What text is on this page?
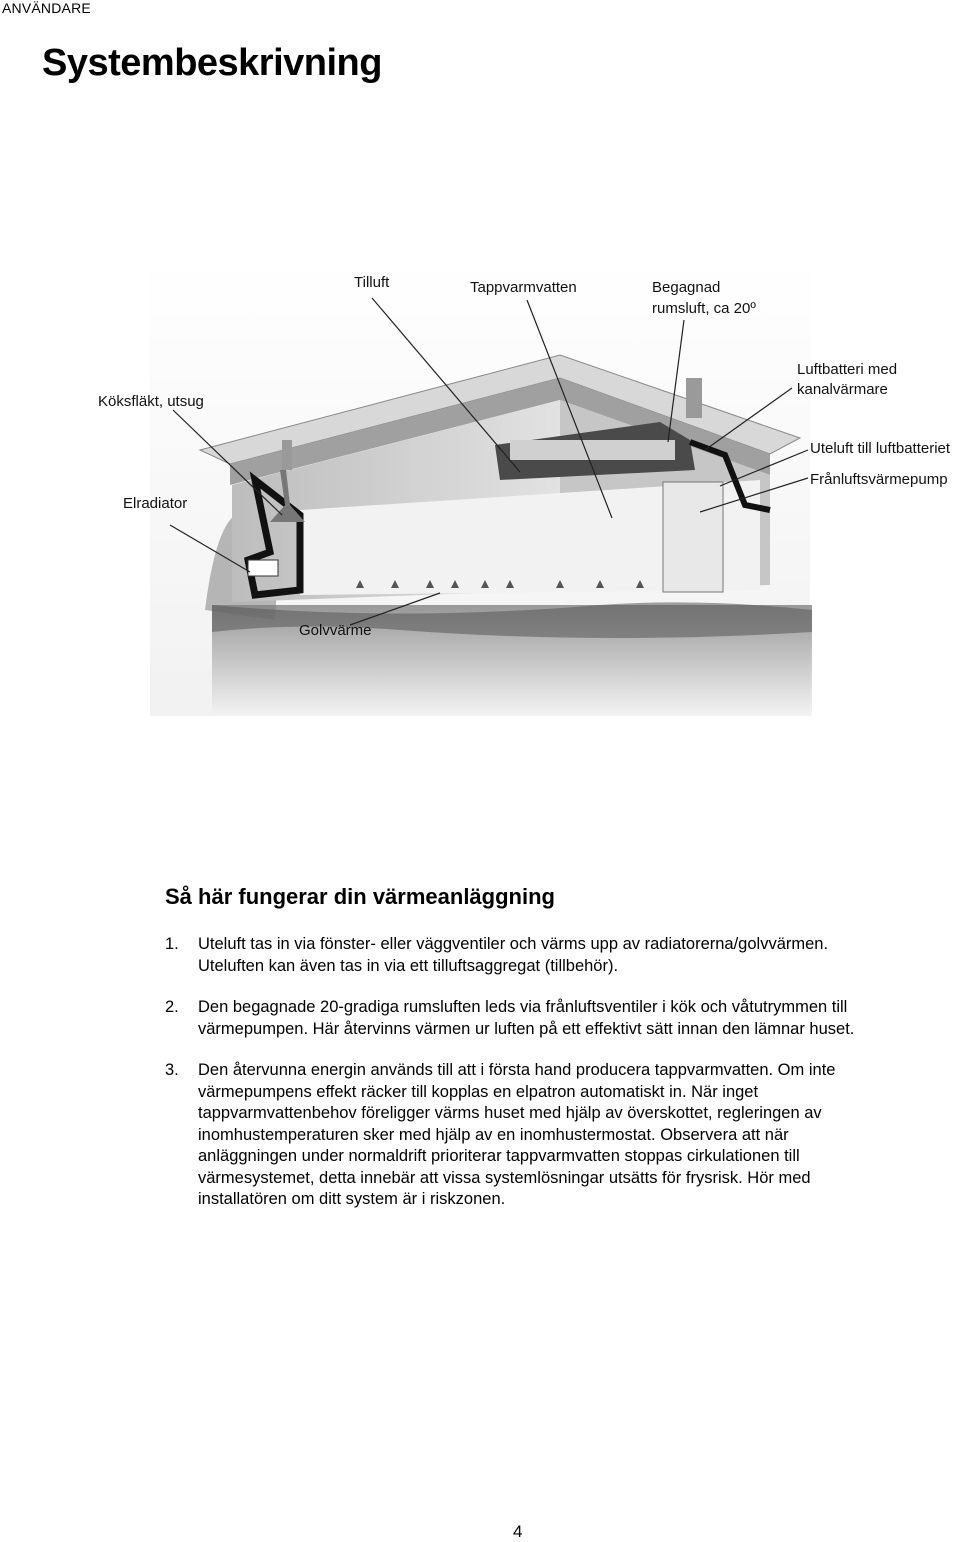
ANVÄNDARE
Systembeskrivning
Tilluft	Tappvarmvatten	Begagnad
rumsluft, ca 20º
Luftbatteri med
kanalvärmare
Köksfläkt, utsug
Uteluft till luftbatteriet
Frånluftsvärmepump
Elradiator
Golvvärme
Så här fungerar din värmeanläggning
1. Uteluft tas in via fönster- eller väggventiler och värms upp av radiatorerna/golvvärmen. Uteluften kan även tas in via ett tilluftsaggregat (tillbehör).
2. Den begagnade 20-gradiga rumsluften leds via frånluftsventiler i kök och våtutrymmen till värmepumpen. Här återvinns värmen ur luften på ett effektivt sätt innan den lämnar huset.
3. Den återvunna energin används till att i första hand producera tappvarmvatten. Om inte värmepumpens effekt räcker till kopplas en elpatron automatiskt in. När inget tappvarmvattenbehov föreligger värms huset med hjälp av överskottet, regleringen av inomhustemperaturen sker med hjälp av en inomhustermostat. Observera att när anläggningen under normaldrift prioriterar tappvarmvatten stoppas cirkulationen till värmesystemet, detta innebär att vissa systemlösningar utsätts för frysrisk. Hör med installatören om ditt system är i riskzonen.
4
